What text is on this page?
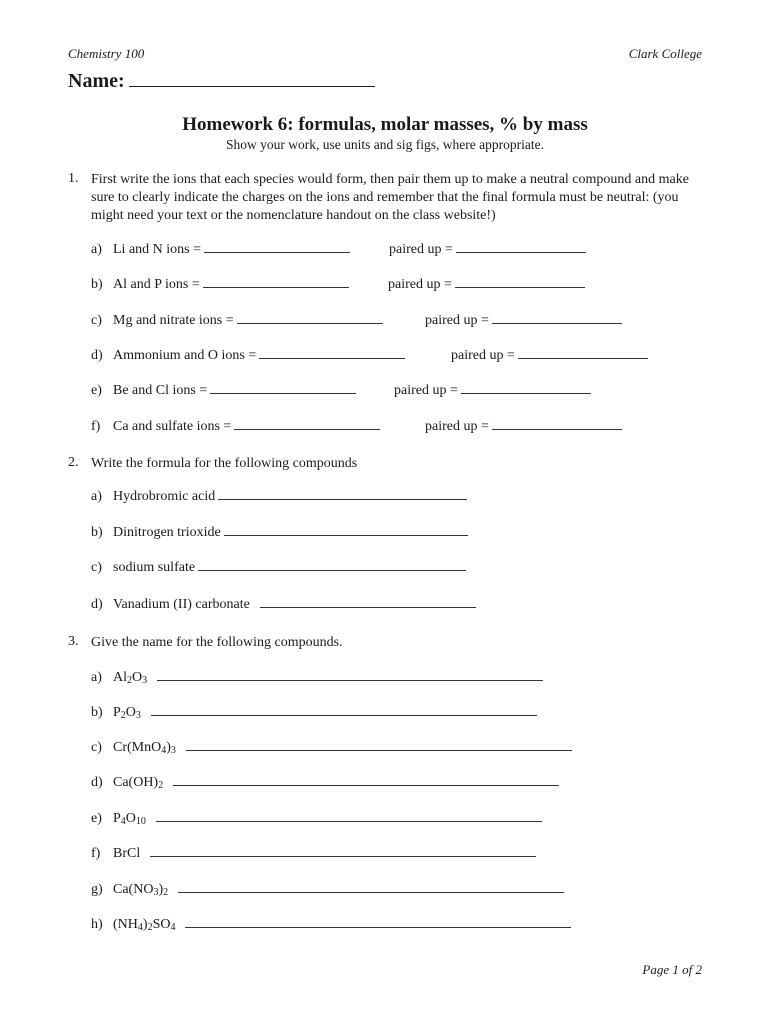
Chemistry 100	Clark College
Name:
Homework 6: formulas, molar masses, % by mass
Show your work, use units and sig figs, where appropriate.
1. First write the ions that each species would form, then pair them up to make a neutral compound and make sure to clearly indicate the charges on the ions and remember that the final formula must be neutral: (you might need your text or the nomenclature handout on the class website!)
a) Li and N ions =	paired up =
b) Al and P ions =	paired up =
c) Mg and nitrate ions =	paired up =
d) Ammonium and O ions =	paired up =
e) Be and Cl ions =	paired up =
f) Ca and sulfate ions =	paired up =
2. Write the formula for the following compounds
a) Hydrobromic acid
b) Dinitrogen trioxide
c) sodium sulfate
d) Vanadium (II) carbonate
3. Give the name for the following compounds.
a) $Al_2O_3$
b) $P_2O_3$
c) $Cr(MnO_4)_3$
d) $Ca(OH)_2$
e) $P_4O_{10}$
f) BrCl
g) $Ca(NO_3)_2$
h) $(NH_4)_2SO_4$
Page 1 of 2
